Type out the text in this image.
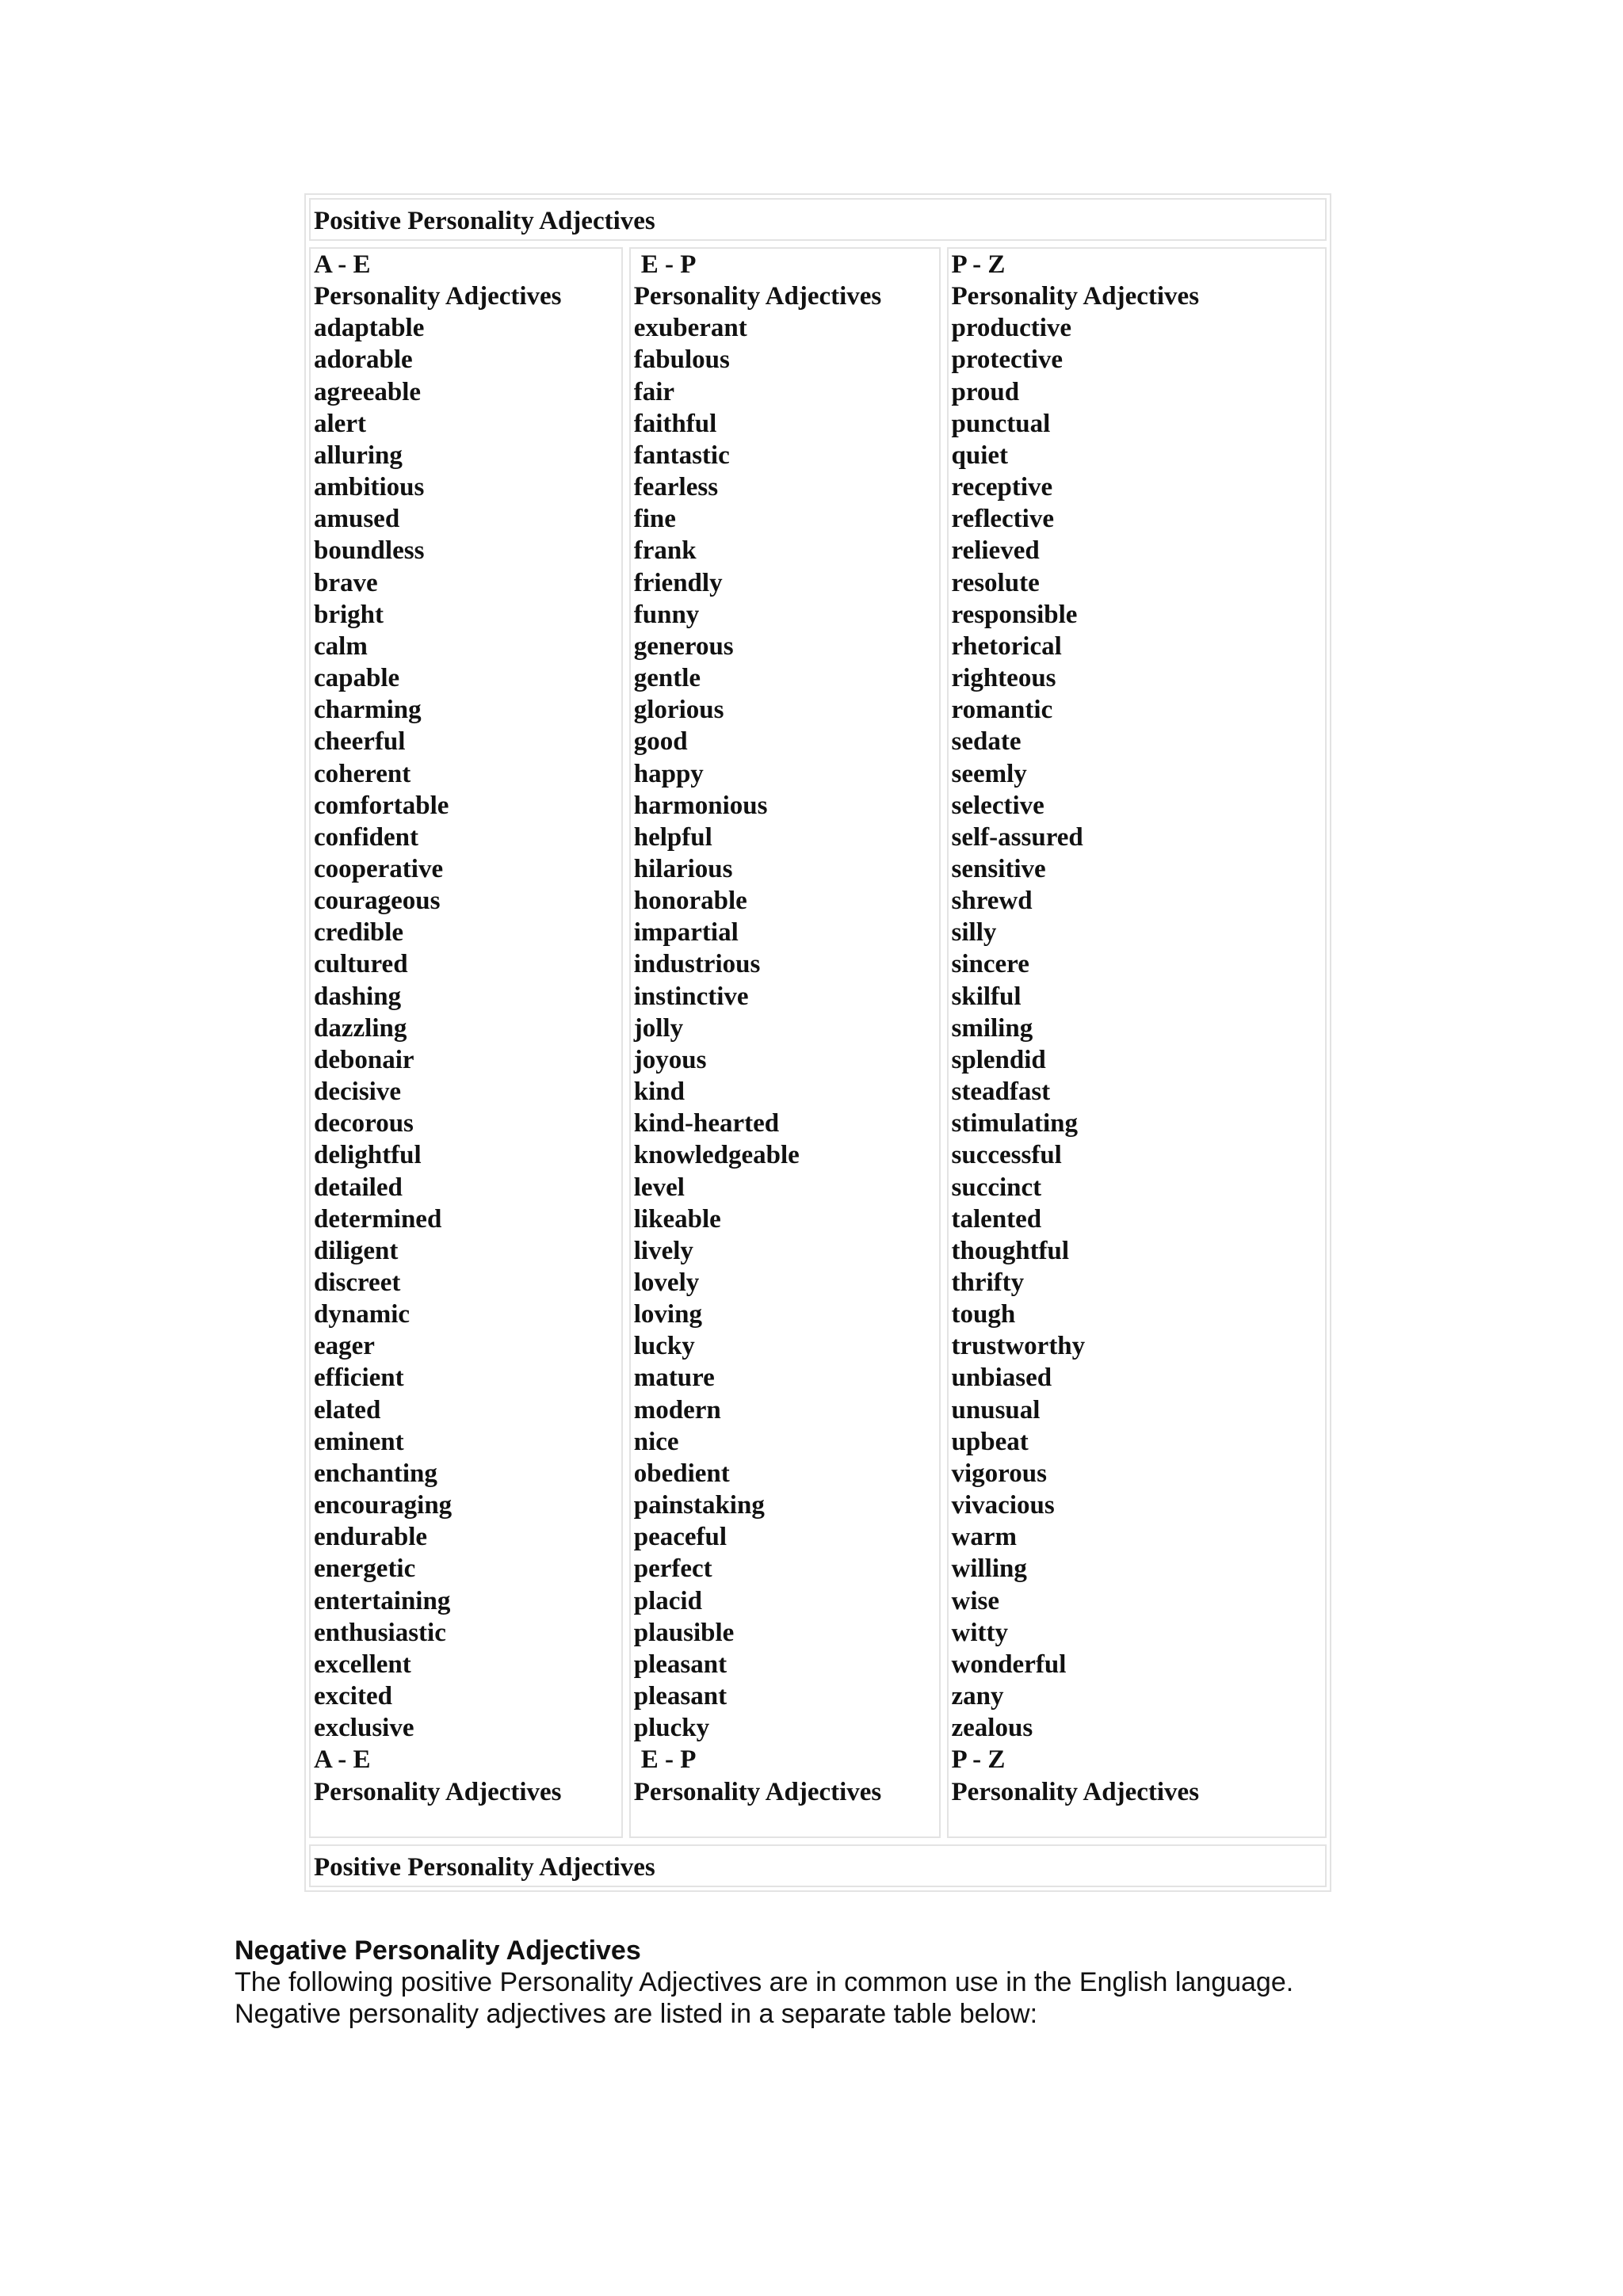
Positive Personality Adjectives
A - E
Personality Adjectives
adaptable
adorable
agreeable
alert
alluring
ambitious
amused
boundless
brave
bright
calm
capable
charming
cheerful
coherent
comfortable
confident
cooperative
courageous
credible
cultured
dashing
dazzling
debonair
decisive
decorous
delightful
detailed
determined
diligent
discreet
dynamic
eager
efficient
elated
eminent
enchanting
encouraging
endurable
energetic
entertaining
enthusiastic
excellent
excited
exclusive
A - E
Personality Adjectives
E - P
Personality Adjectives
exuberant
fabulous
fair
faithful
fantastic
fearless
fine
frank
friendly
funny
generous
gentle
glorious
good
happy
harmonious
helpful
hilarious
honorable
impartial
industrious
instinctive
jolly
joyous
kind
kind-hearted
knowledgeable
level
likeable
lively
lovely
loving
lucky
mature
modern
nice
obedient
painstaking
peaceful
perfect
placid
plausible
pleasant
pleasant
plucky
E - P
Personality Adjectives
P - Z
Personality Adjectives
productive
protective
proud
punctual
quiet
receptive
reflective
relieved
resolute
responsible
rhetorical
righteous
romantic
sedate
seemly
selective
self-assured
sensitive
shrewd
silly
sincere
skilful
smiling
splendid
steadfast
stimulating
successful
succinct
talented
thoughtful
thrifty
tough
trustworthy
unbiased
unusual
upbeat
vigorous
vivacious
warm
willing
wise
witty
wonderful
zany
zealous
P - Z
Personality Adjectives
Positive Personality Adjectives
Negative Personality Adjectives
The following positive Personality Adjectives are in common use in the English language.
Negative personality adjectives are listed in a separate table below:
